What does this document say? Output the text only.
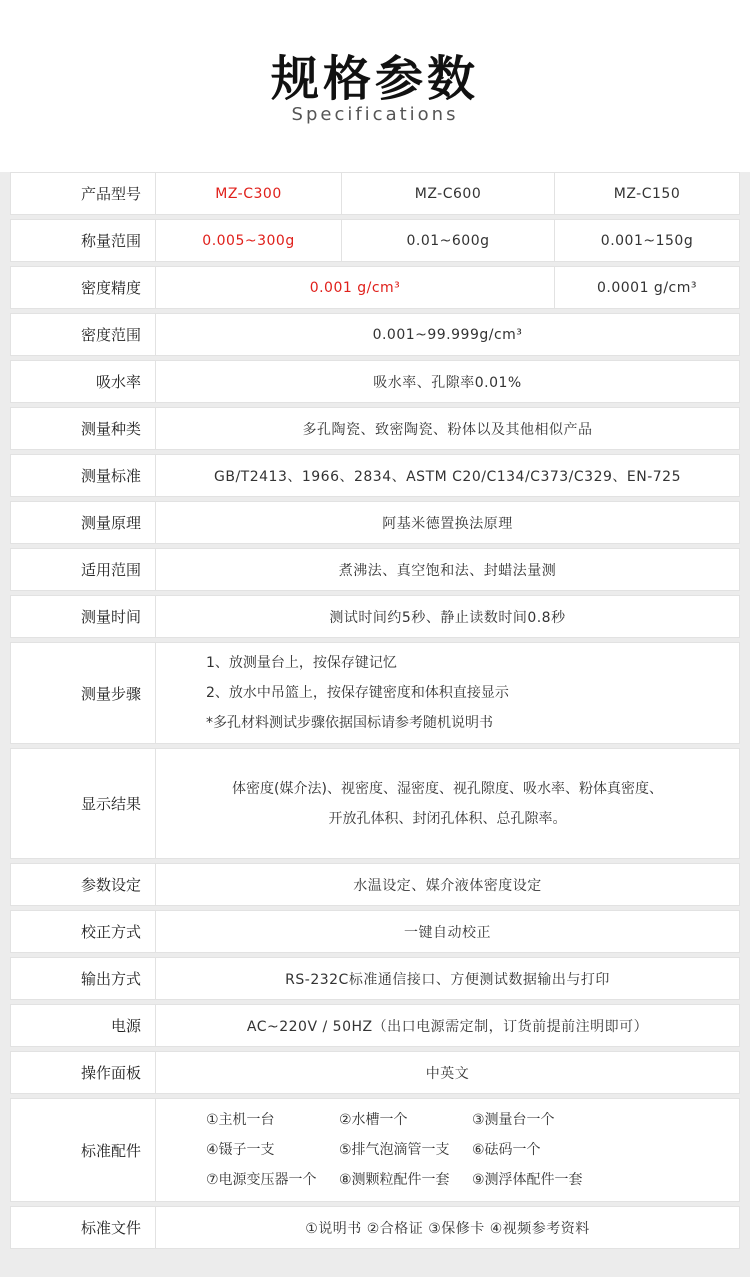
规格参数
Specifications
产品型号	MZ-C300	MZ-C600	MZ-C150
称量范围	0.005~300g	0.01~600g	0.001~150g
密度精度	0.001 g/cm³	0.0001 g/cm³
密度范围	0.001~99.999g/cm³
吸水率	吸水率、孔隙率0.01%
测量种类	多孔陶瓷、致密陶瓷、粉体以及其他相似产品
测量标准	GB/T2413、1966、2834、ASTM C20/C134/C373/C329、EN-725
测量原理	阿基米德置换法原理
适用范围	煮沸法、真空饱和法、封蜡法量测
测量时间	测试时间约5秒、静止读数时间0.8秒
测量步骤
1、放测量台上，按保存键记忆
2、放水中吊篮上，按保存键密度和体积直接显示
*多孔材料测试步骤依据国标请参考随机说明书
显示结果
体密度(媒介法)、视密度、湿密度、视孔隙度、吸水率、粉体真密度、
开放孔体积、封闭孔体积、总孔隙率。
参数设定	水温设定、媒介液体密度设定
校正方式	一键自动校正
输出方式	RS-232C标准通信接口、方便测试数据输出与打印
电源	AC~220V / 50HZ（出口电源需定制，订货前提前注明即可）
操作面板	中英文
标准配件
①主机一台	②水槽一个	③测量台一个
④镊子一支	⑤排气泡滴管一支	⑥砝码一个
⑦电源变压器一个	⑧测颗粒配件一套	⑨测浮体配件一套
标准文件	①说明书 ②合格证 ③保修卡 ④视频参考资料
